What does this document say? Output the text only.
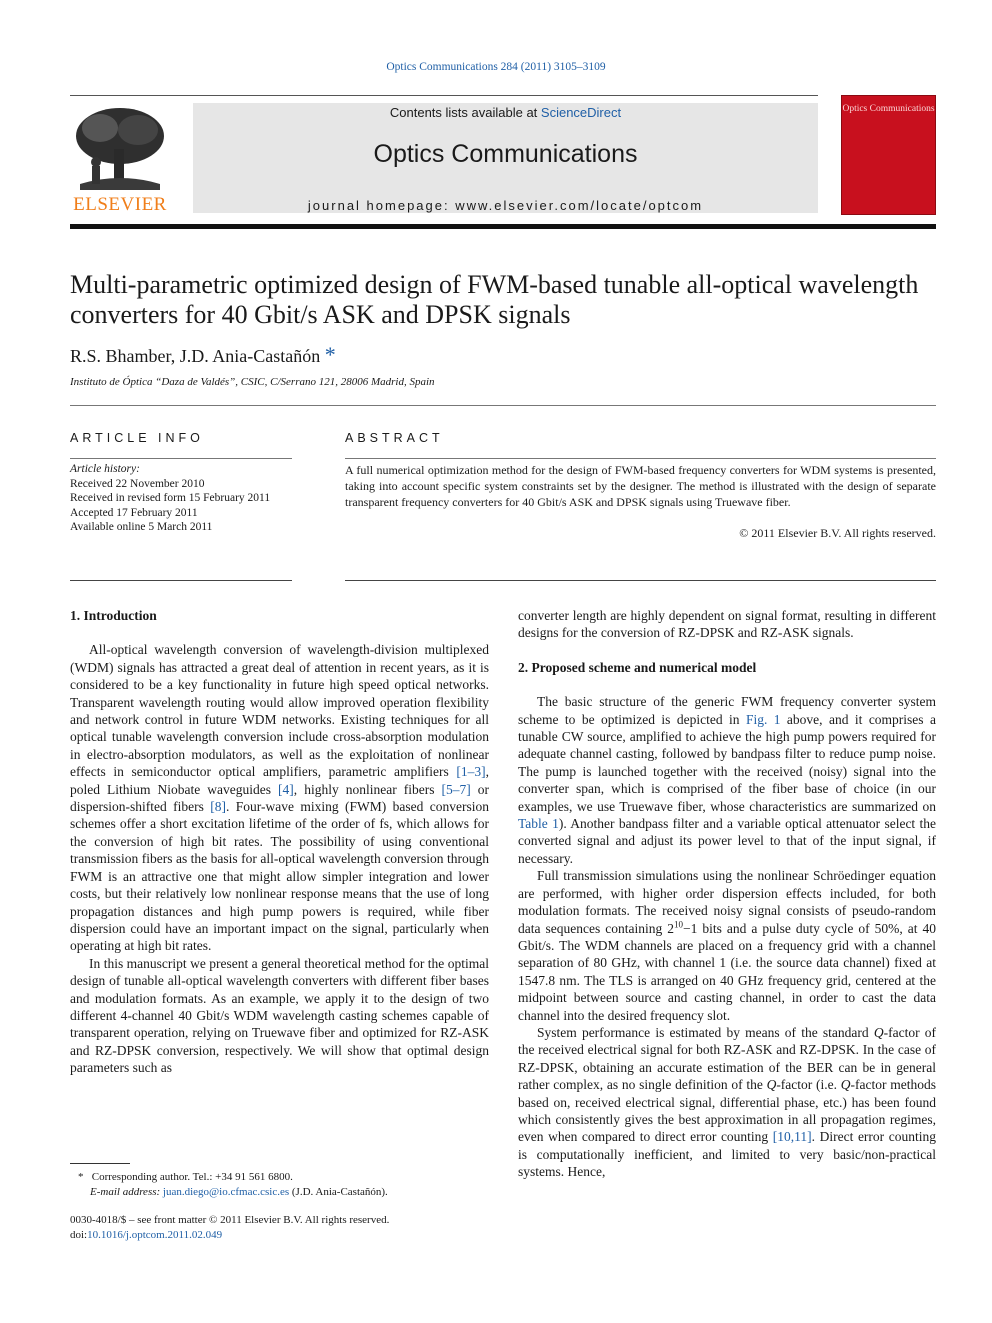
Optics Communications 284 (2011) 3105–3109
ELSEVIER
Contents lists available at ScienceDirect
Optics Communications
journal homepage: www.elsevier.com/locate/optcom
Optics Communications
Multi-parametric optimized design of FWM-based tunable all-optical wavelength converters for 40 Gbit/s ASK and DPSK signals
R.S. Bhamber, J.D. Ania-Castañón *
Instituto de Óptica “Daza de Valdés”, CSIC, C/Serrano 121, 28006 Madrid, Spain
ARTICLE INFO	ABSTRACT
Article history:
Received 22 November 2010
Received in revised form 15 February 2011
Accepted 17 February 2011
Available online 5 March 2011
A full numerical optimization method for the design of FWM-based frequency converters for WDM systems is presented, taking into account specific system constraints set by the designer. The method is illustrated with the design of separate transparent frequency converters for 40 Gbit/s ASK and DPSK signals using Truewave fiber.
© 2011 Elsevier B.V. All rights reserved.
1. Introduction

All-optical wavelength conversion of wavelength-division multiplexed (WDM) signals has attracted a great deal of attention in recent years, as it is considered to be a key functionality in future high speed optical networks. Transparent wavelength routing would allow improved operation flexibility and network control in future WDM networks. Existing techniques for all optical tunable wavelength conversion include cross-absorption modulation in electro-absorption modulators, as well as the exploitation of nonlinear effects in semiconductor optical amplifiers, parametric amplifiers [1–3], poled Lithium Niobate waveguides [4], highly nonlinear fibers [5–7] or dispersion-shifted fibers [8]. Four-wave mixing (FWM) based conversion schemes offer a short excitation lifetime of the order of fs, which allows for the conversion of high bit rates. The possibility of using conventional transmission fibers as the basis for all-optical wavelength conversion through FWM is an attractive one that might allow simpler integration and lower costs, but their relatively low nonlinear response means that the use of long propagation distances and high pump powers is required, while fiber dispersion could have an important impact on the signal, particularly when operating at high bit rates.

In this manuscript we present a general theoretical method for the optimal design of tunable all-optical wavelength converters with different fiber bases and modulation formats. As an example, we apply it to the design of two different 4-channel 40 Gbit/s WDM wavelength casting schemes capable of transparent operation, relying on Truewave fiber and optimized for RZ-ASK and RZ-DPSK conversion, respectively. We will show that optimal design parameters such as

converter length are highly dependent on signal format, resulting in different designs for the conversion of RZ-DPSK and RZ-ASK signals.

2. Proposed scheme and numerical model

The basic structure of the generic FWM frequency converter system scheme to be optimized is depicted in Fig. 1 above, and it comprises a tunable CW source, amplified to achieve the high pump powers required for adequate channel casting, followed by bandpass filter to reduce pump noise. The pump is launched together with the received (noisy) signal into the converter span, which is comprised of the fiber base of choice (in our examples, we use Truewave fiber, whose characteristics are summarized on Table 1). Another bandpass filter and a variable optical attenuator select the converted signal and adjust its power level to that of the input signal, if necessary.

Full transmission simulations using the nonlinear Schröedinger equation are performed, with higher order dispersion effects included, for both modulation formats. The received noisy signal consists of pseudo-random data sequences containing $2^{10}-1$ bits and a pulse duty cycle of 50%, at 40 Gbit/s. The WDM channels are placed on a frequency grid with a channel separation of 80 GHz, with channel 1 (i.e. the source data channel) fixed at 1547.8 nm. The TLS is arranged on 40 GHz frequency grid, centered at the midpoint between source and casting channel, in order to cast the data channel into the desired frequency slot.

System performance is estimated by means of the standard Q-factor of the received electrical signal for both RZ-ASK and RZ-DPSK. In the case of RZ-DPSK, obtaining an accurate estimation of the BER can be in general rather complex, as no single definition of the Q-factor (i.e. Q-factor methods based on, received electrical signal, differential phase, etc.) has been found which consistently gives the best approximation in all propagation regimes, even when compared to direct error counting [10,11]. Direct error counting is computationally inefficient, and limited to very basic/non-practical systems. Hence,

* Corresponding author. Tel.: +34 91 561 6800.
E-mail address: juan.diego@io.cfmac.csic.es (J.D. Ania-Castañón).
0030-4018/$ – see front matter © 2011 Elsevier B.V. All rights reserved.
doi:10.1016/j.optcom.2011.02.049
